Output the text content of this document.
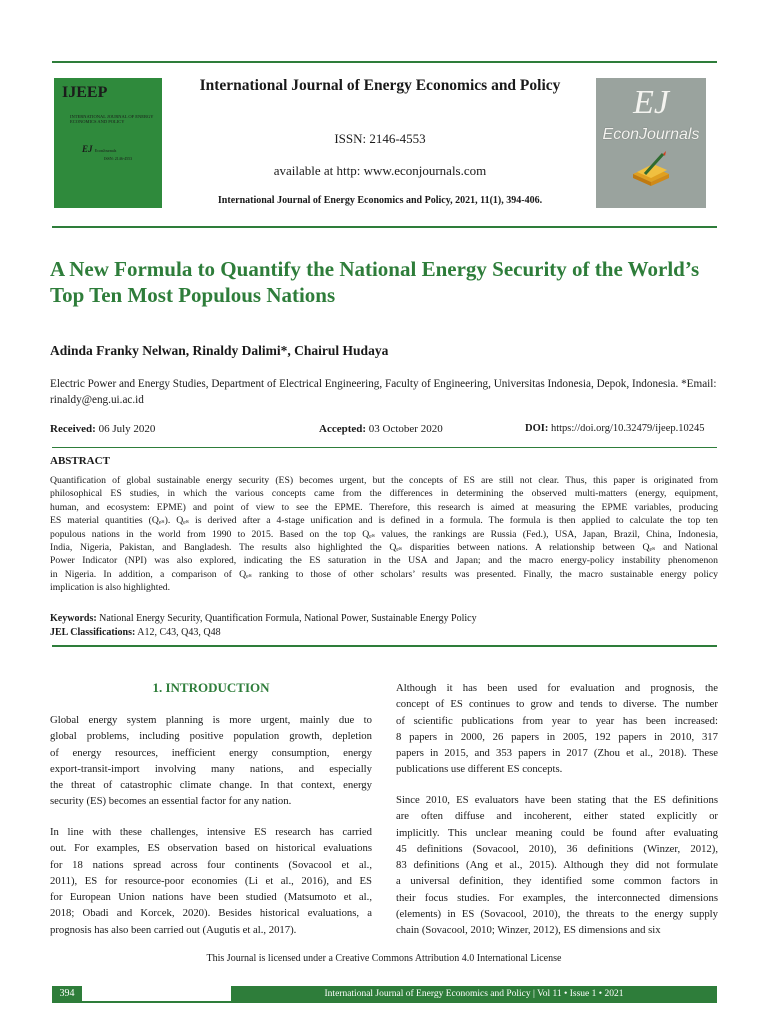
IJEEP
INTERNATIONAL JOURNAL OF ENERGY ECONOMICS AND POLICY
EJ EconJournals
ISSN: 2146-4553
International Journal of Energy Economics and Policy
ISSN: 2146-4553
available at http: www.econjournals.com
International Journal of Energy Economics and Policy, 2021, 11(1), 394-406.
EJ
EconJournals
A New Formula to Quantify the National Energy Security of the World’s Top Ten Most Populous Nations
Adinda Franky Nelwan, Rinaldy Dalimi*, Chairul Hudaya
Electric Power and Energy Studies, Department of Electrical Engineering, Faculty of Engineering, Universitas Indonesia, Depok, Indonesia. *Email: rinaldy@eng.ui.ac.id
Received: 06 July 2020	Accepted: 03 October 2020	DOI: https://doi.org/10.32479/ijeep.10245
ABSTRACT
Quantification of global sustainable energy security (ES) becomes urgent, but the concepts of ES are still not clear. Thus, this paper is originated from
philosophical ES studies, in which the various concepts came from the differences in determining the observed multi-matters (energy, equipment,
human, and ecosystem: EPME) and point of view to see the EPME. Therefore, this research is aimed at measuring the EPME variables, producing
ES material quantities (Qₑₛ). Qₑₛ is derived after a 4-stage unification and is defined in a formula. The formula is then applied to calculate the top ten
populous nations in the world from 1990 to 2015. Based on the top Qₑₛ values, the rankings are Russia (Fed.), USA, Japan, Brazil, China, Indonesia,
India, Nigeria, Pakistan, and Bangladesh. The results also highlighted the Qₑₛ disparities between nations. A relationship between Qₑₛ and National
Power Indicator (NPI) was also explored, indicating the ES saturation in the USA and Japan; and the macro energy-policy instability phenomenon
in Nigeria. In addition, a comparison of Qₑₛ ranking to those of other scholars’ results was presented. Finally, the macro sustainable energy policy
implication is also highlighted.
Keywords: National Energy Security, Quantification Formula, National Power, Sustainable Energy Policy
JEL Classifications: A12, C43, Q43, Q48
1. INTRODUCTION
Global energy system planning is more urgent, mainly due to
global problems, including positive population growth, depletion
of energy resources, inefficient energy consumption, energy
export-transit-import involving many nations, and especially
the threat of catastrophic climate change. In that context, energy
security (ES) becomes an essential factor for any nation.
In line with these challenges, intensive ES research has carried
out. For examples, ES observation based on historical evaluations
for 18 nations spread across four continents (Sovacool et al.,
2011), ES for resource-poor economies (Li et al., 2016), and ES
for European Union nations have been studied (Matsumoto et al.,
2018; Obadi and Korcek, 2020). Besides historical evaluations, a
prognosis has also been carried out (Augutis et al., 2017).
Although it has been used for evaluation and prognosis, the
concept of ES continues to grow and tends to diverse. The number
of scientific publications from year to year has been increased:
8 papers in 2000, 26 papers in 2005, 192 papers in 2010, 317
papers in 2015, and 353 papers in 2017 (Zhou et al., 2018). These
publications use different ES concepts.
Since 2010, ES evaluators have been stating that the ES definitions
are often diffuse and incoherent, either stated explicitly or
implicitly. This unclear meaning could be found after evaluating
45 definitions (Sovacool, 2010), 36 definitions (Winzer, 2012),
83 definitions (Ang et al., 2015). Although they did not formulate
a universal definition, they identified some common factors in
their focus studies. For examples, the interconnected dimensions
(elements) in ES (Sovacool, 2010), the threats to the energy supply
chain (Sovacool, 2010; Winzer, 2012), ES dimensions and six
This Journal is licensed under a Creative Commons Attribution 4.0 International License
394	International Journal of Energy Economics and Policy | Vol 11 • Issue 1 • 2021
